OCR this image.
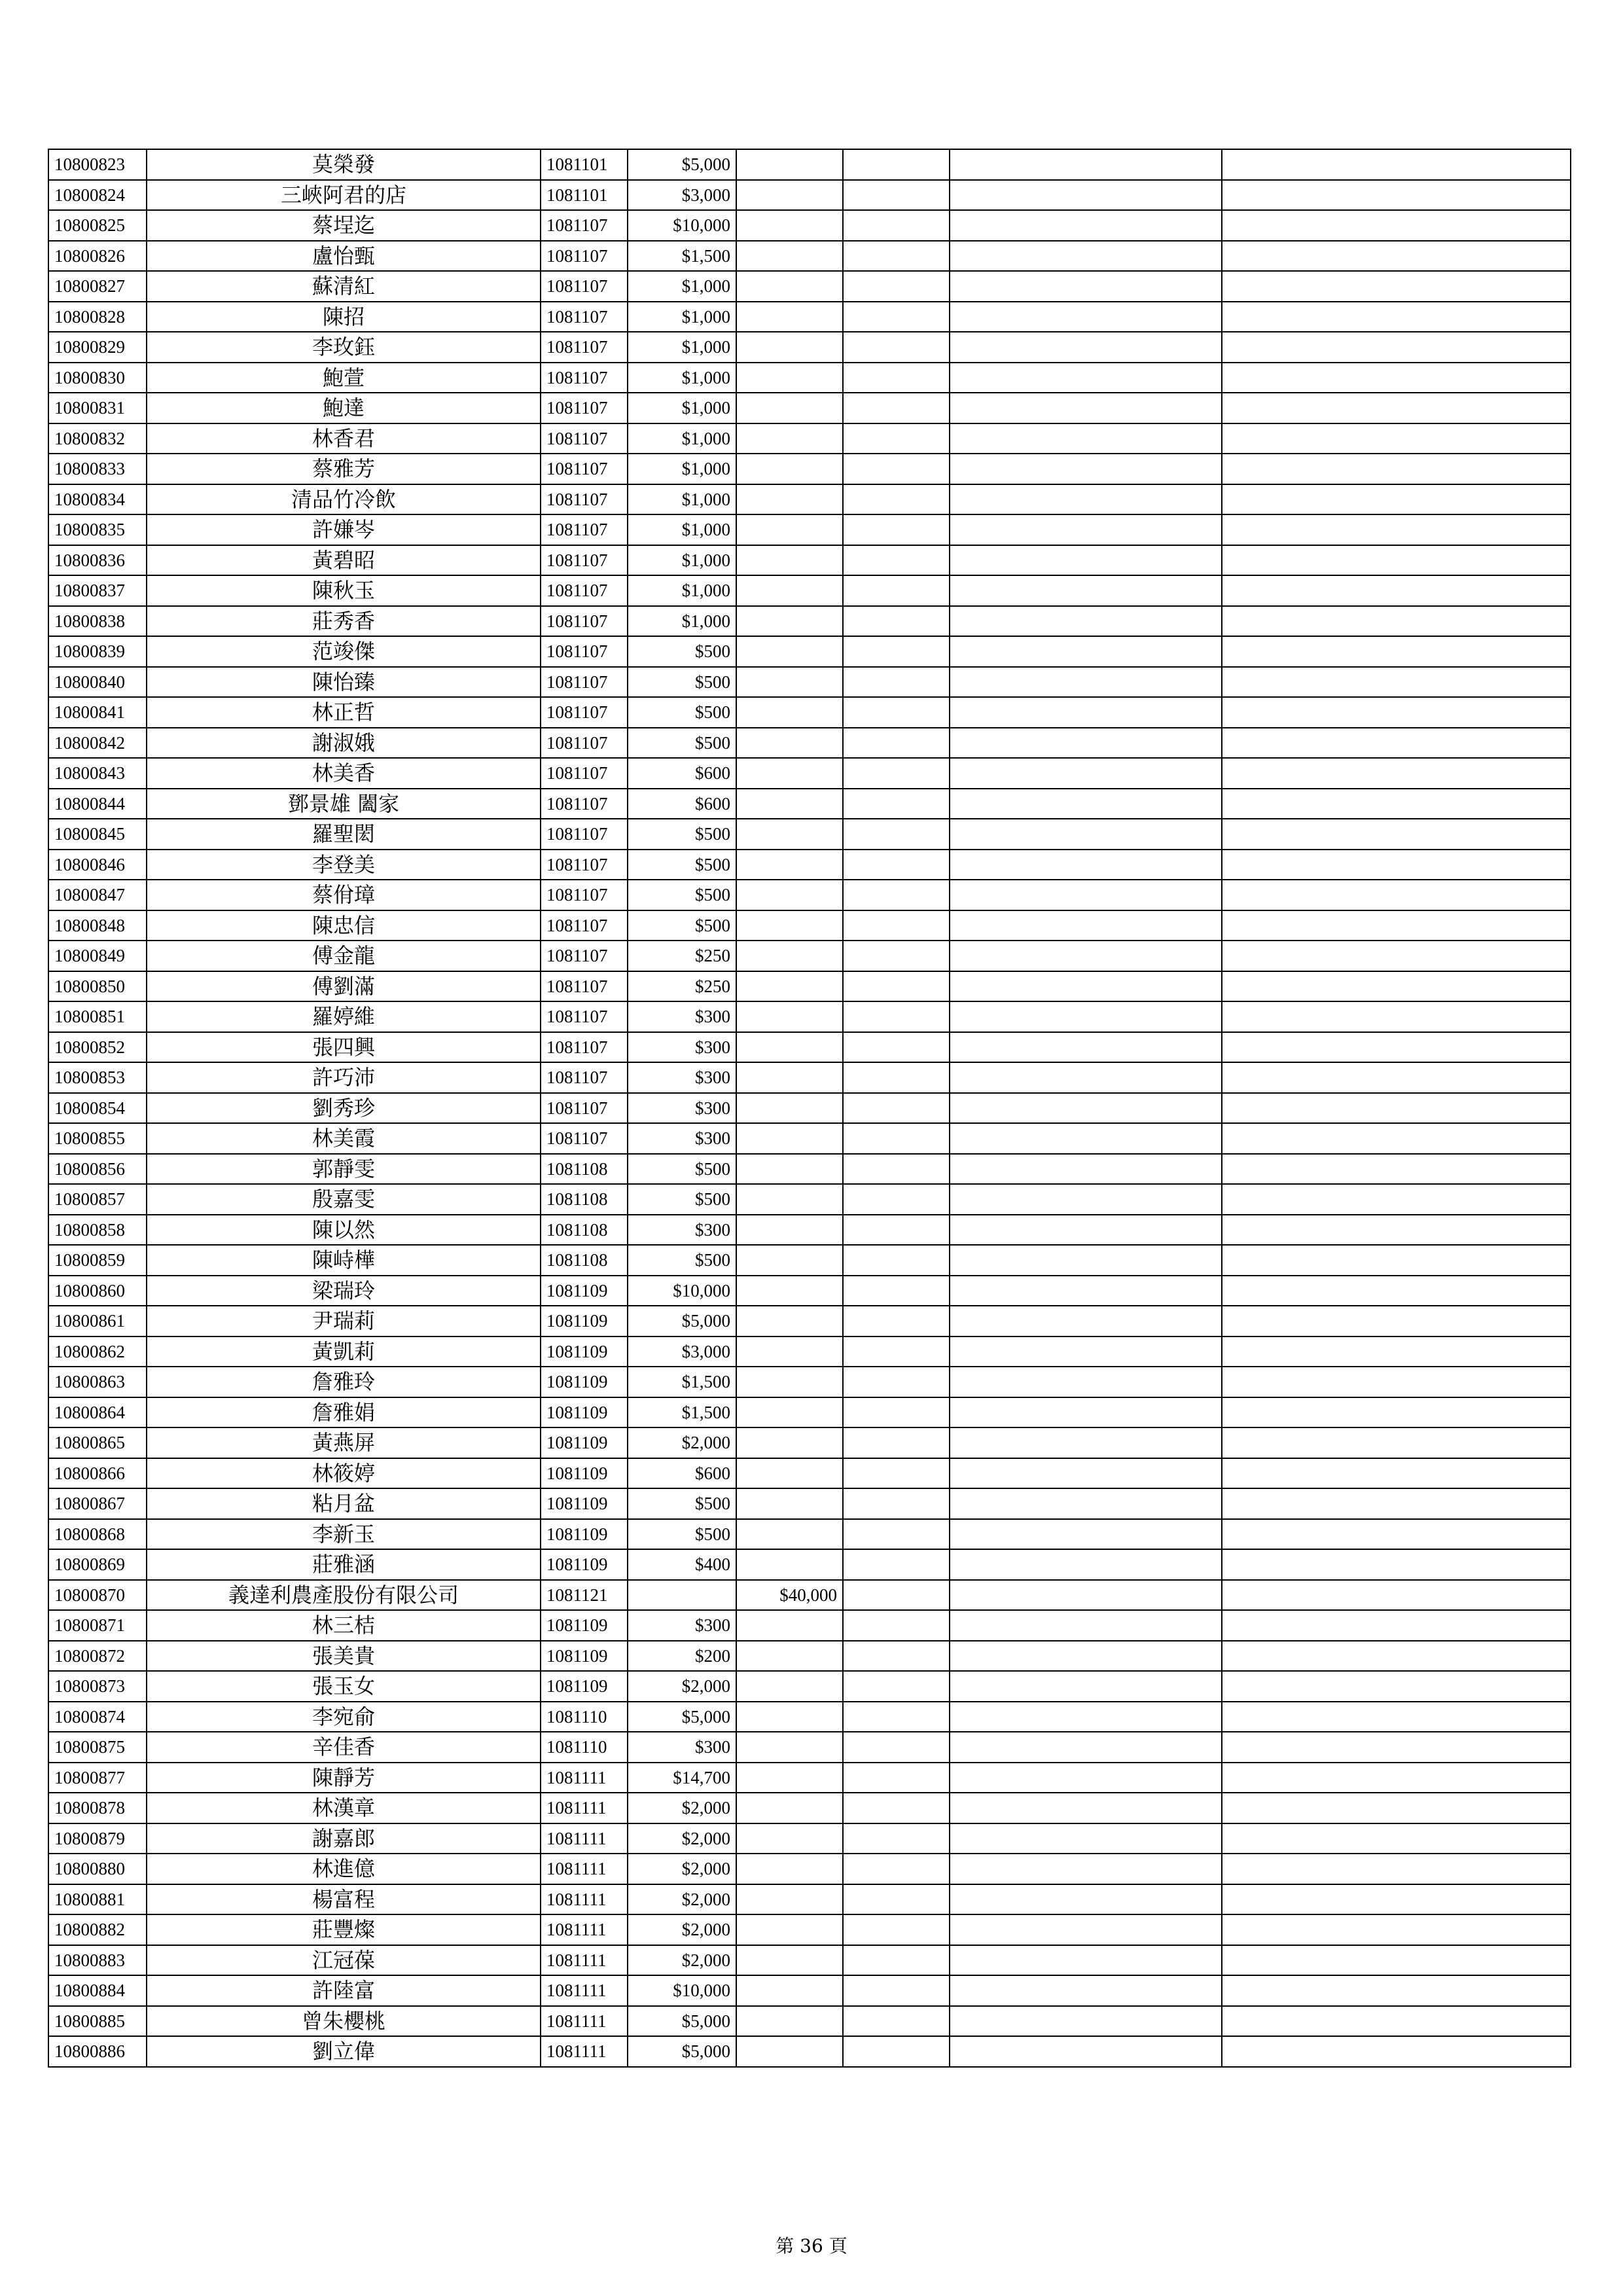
10800823	莫榮發	1081101	$5,000				
10800824	三峽阿君的店	1081101	$3,000				
10800825	蔡埕迄	1081107	$10,000				
10800826	盧怡甄	1081107	$1,500				
10800827	蘇清紅	1081107	$1,000				
10800828	陳招	1081107	$1,000				
10800829	李玫鈺	1081107	$1,000				
10800830	鮑萱	1081107	$1,000				
10800831	鮑達	1081107	$1,000				
10800832	林香君	1081107	$1,000				
10800833	蔡雅芳	1081107	$1,000				
10800834	清品竹冷飲	1081107	$1,000				
10800835	許嫌岑	1081107	$1,000				
10800836	黃碧昭	1081107	$1,000				
10800837	陳秋玉	1081107	$1,000				
10800838	莊秀香	1081107	$1,000				
10800839	范竣傑	1081107	$500				
10800840	陳怡臻	1081107	$500				
10800841	林正哲	1081107	$500				
10800842	謝淑娥	1081107	$500				
10800843	林美香	1081107	$600				
10800844	鄧景雄 闔家	1081107	$600				
10800845	羅聖閎	1081107	$500				
10800846	李登美	1081107	$500				
10800847	蔡佾璋	1081107	$500				
10800848	陳忠信	1081107	$500				
10800849	傅金龍	1081107	$250				
10800850	傅劉滿	1081107	$250				
10800851	羅婷維	1081107	$300				
10800852	張四興	1081107	$300				
10800853	許巧沛	1081107	$300				
10800854	劉秀珍	1081107	$300				
10800855	林美霞	1081107	$300				
10800856	郭靜雯	1081108	$500				
10800857	殷嘉雯	1081108	$500				
10800858	陳以然	1081108	$300				
10800859	陳峙樺	1081108	$500				
10800860	梁瑞玲	1081109	$10,000				
10800861	尹瑞莉	1081109	$5,000				
10800862	黃凱莉	1081109	$3,000				
10800863	詹雅玲	1081109	$1,500				
10800864	詹雅娟	1081109	$1,500				
10800865	黃燕屏	1081109	$2,000				
10800866	林筱婷	1081109	$600				
10800867	粘月盆	1081109	$500				
10800868	李新玉	1081109	$500				
10800869	莊雅涵	1081109	$400				
10800870	義達利農產股份有限公司	1081121		$40,000			
10800871	林三桔	1081109	$300				
10800872	張美貴	1081109	$200				
10800873	張玉女	1081109	$2,000				
10800874	李宛俞	1081110	$5,000				
10800875	辛佳香	1081110	$300				
10800877	陳靜芳	1081111	$14,700				
10800878	林漢章	1081111	$2,000				
10800879	謝嘉郎	1081111	$2,000				
10800880	林進億	1081111	$2,000				
10800881	楊富程	1081111	$2,000				
10800882	莊豐燦	1081111	$2,000				
10800883	江冠葆	1081111	$2,000				
10800884	許陸富	1081111	$10,000				
10800885	曾朱櫻桃	1081111	$5,000				
10800886	劉立偉	1081111	$5,000				
第 36 頁
